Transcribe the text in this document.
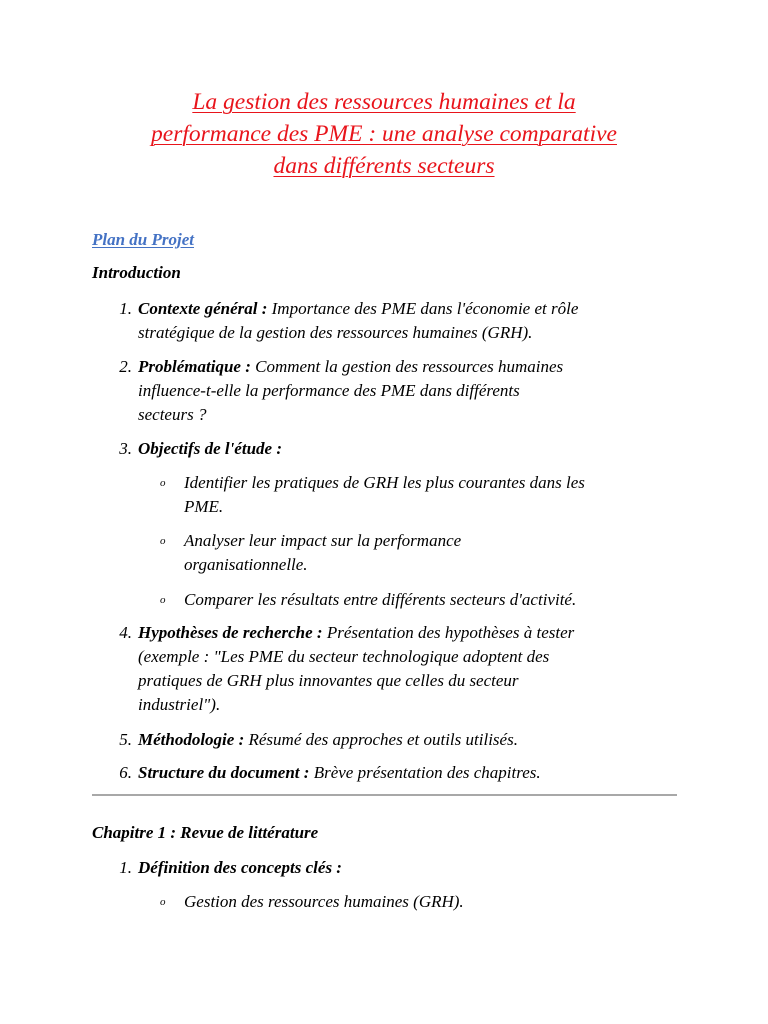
La gestion des ressources humaines et la
performance des PME : une analyse comparative
dans différents secteurs
Plan du Projet
Introduction
1. Contexte général : Importance des PME dans l'économie et rôle
stratégique de la gestion des ressources humaines (GRH).
2. Problématique : Comment la gestion des ressources humaines
influence-t-elle la performance des PME dans différents
secteurs ?
3. Objectifs de l'étude :
o Identifier les pratiques de GRH les plus courantes dans les
PME.
o Analyser leur impact sur la performance
organisationnelle.
o Comparer les résultats entre différents secteurs d'activité.
4. Hypothèses de recherche : Présentation des hypothèses à tester
(exemple : "Les PME du secteur technologique adoptent des
pratiques de GRH plus innovantes que celles du secteur
industriel").
5. Méthodologie : Résumé des approches et outils utilisés.
6. Structure du document : Brève présentation des chapitres.
Chapitre 1 : Revue de littérature
1. Définition des concepts clés :
o Gestion des ressources humaines (GRH).
